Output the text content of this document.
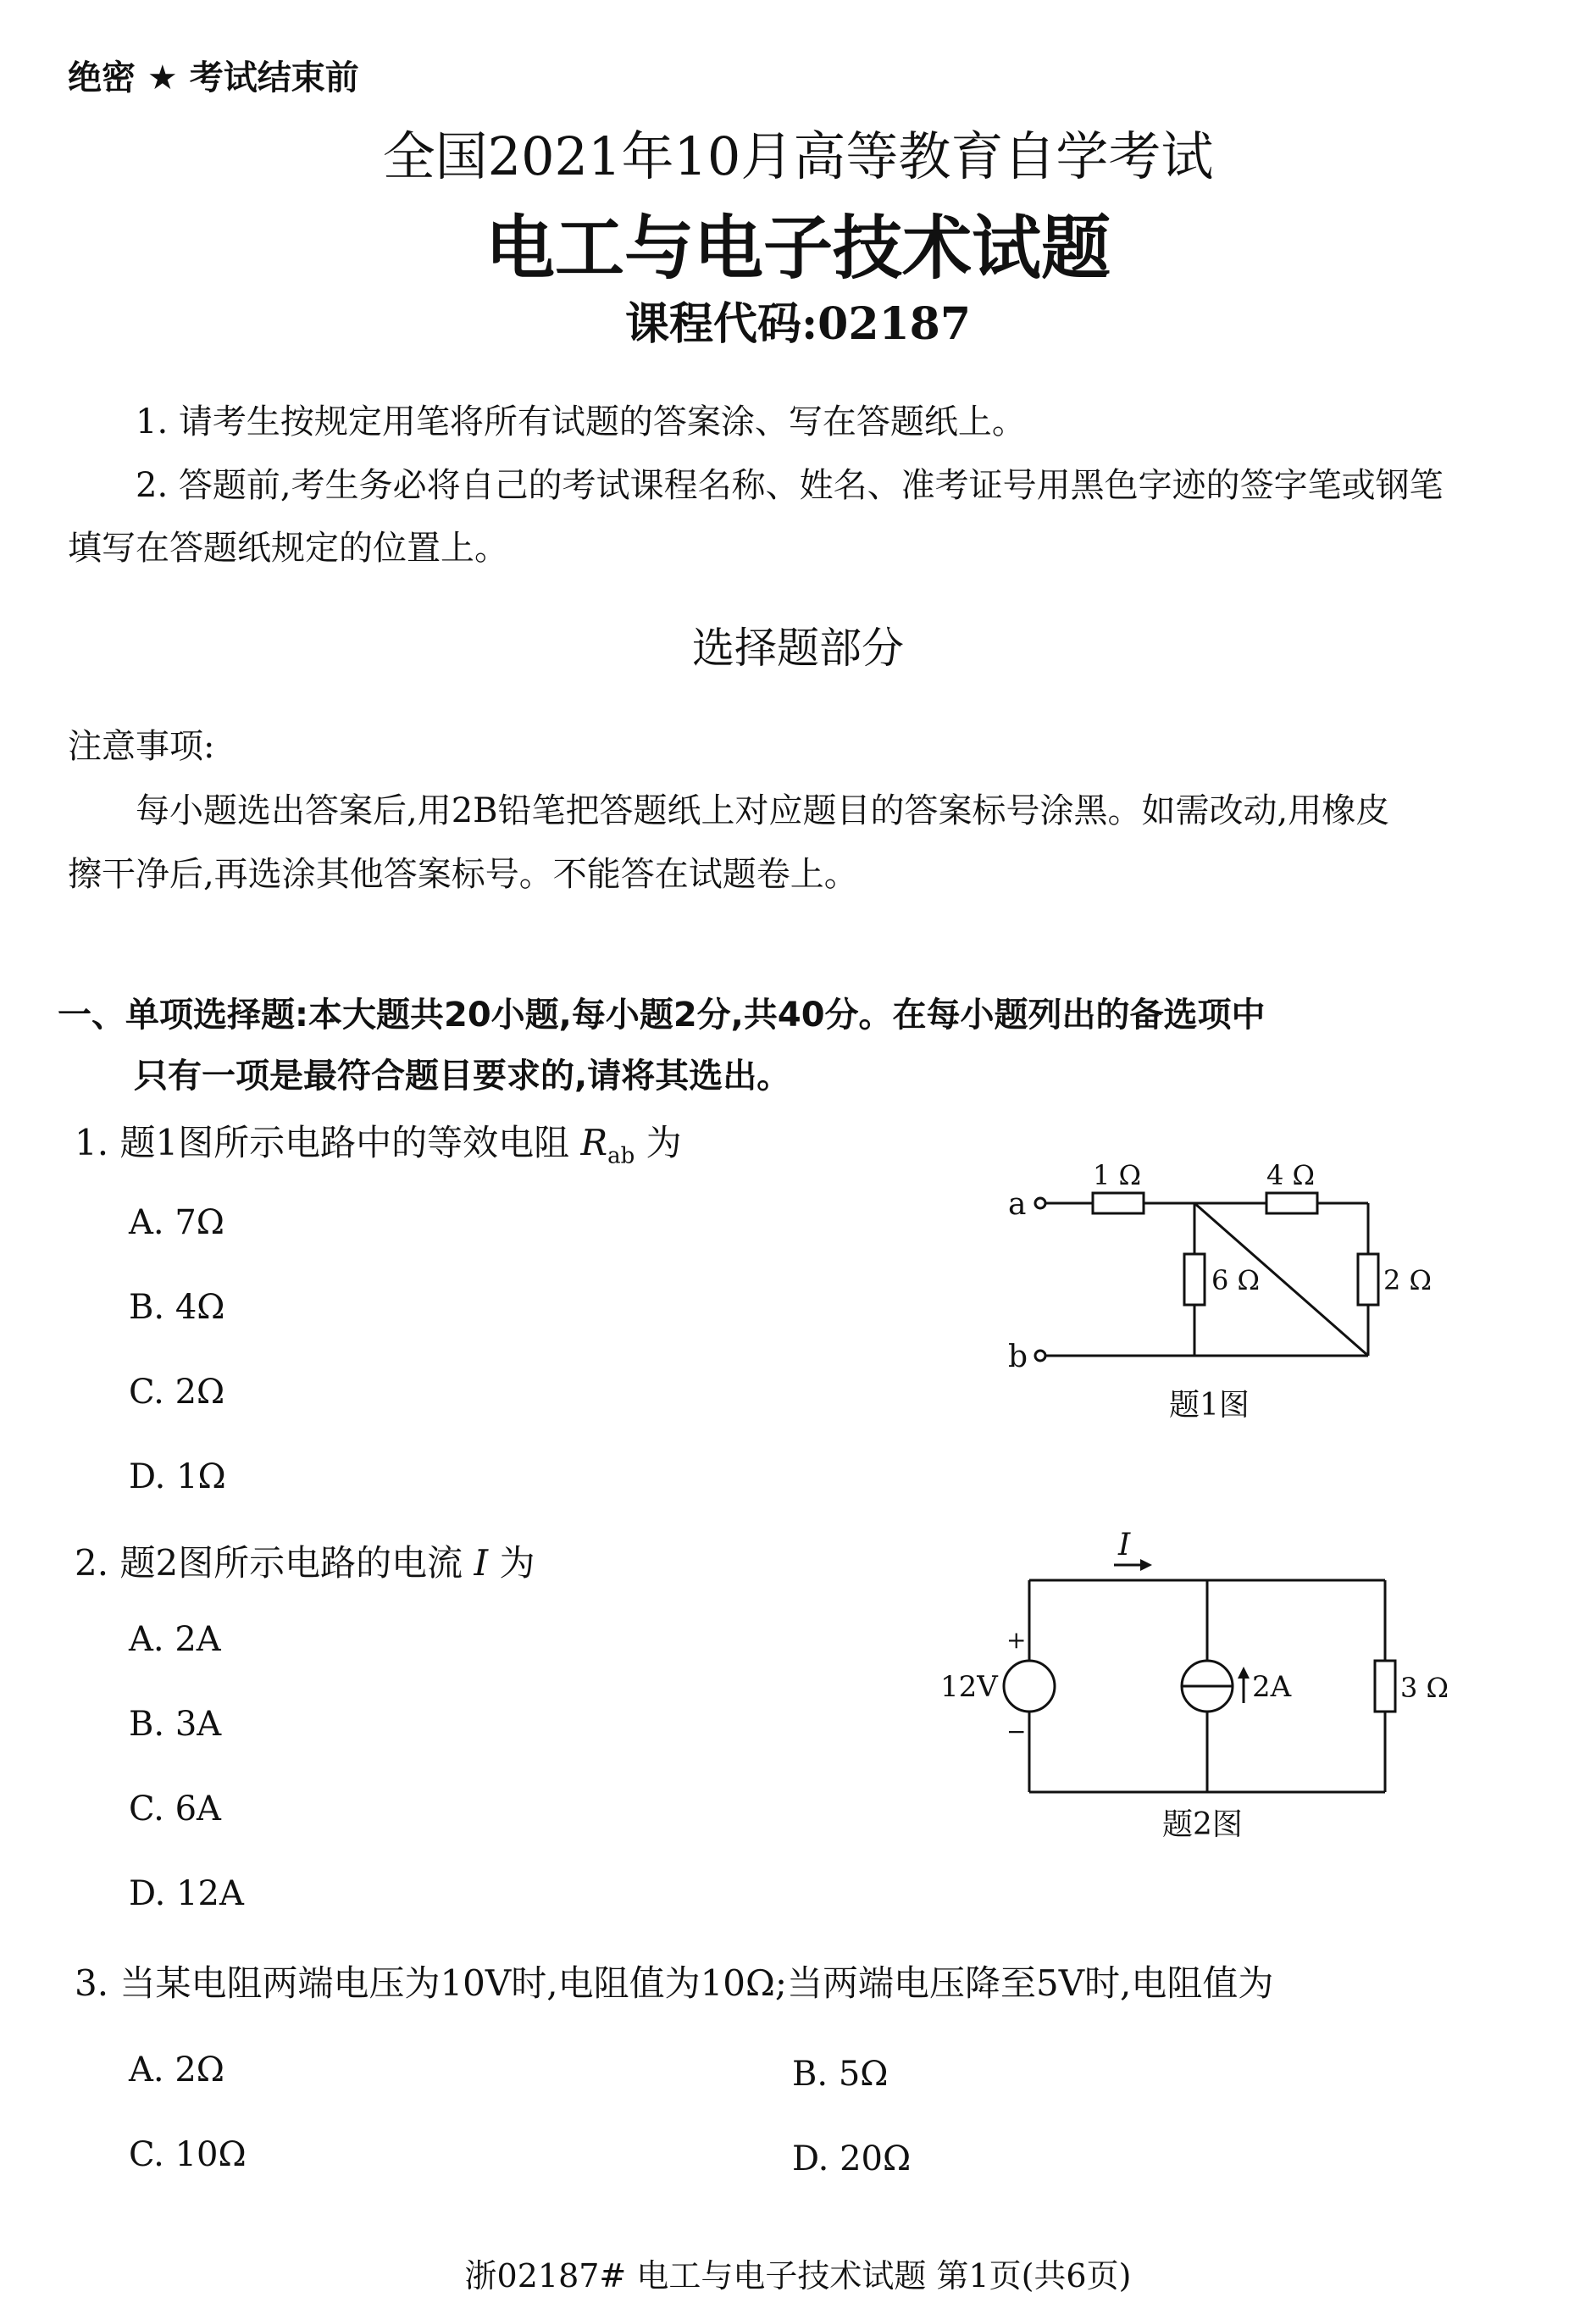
绝密 ★ 考试结束前
全国2021年10月高等教育自学考试
电工与电子技术试题
课程代码:02187
1. 请考生按规定用笔将所有试题的答案涂、写在答题纸上。
2. 答题前,考生务必将自己的考试课程名称、姓名、准考证号用黑色字迹的签字笔或钢笔
填写在答题纸规定的位置上。
选择题部分
注意事项:
每小题选出答案后,用2B铅笔把答题纸上对应题目的答案标号涂黑。如需改动,用橡皮
擦干净后,再选涂其他答案标号。不能答在试题卷上。
一、单项选择题:本大题共20小题,每小题2分,共40分。在每小题列出的备选项中
只有一项是最符合题目要求的,请将其选出。
1. 题1图所示电路中的等效电阻 $R_{ab}$ 为
A. 7Ω
B. 4Ω
C. 2Ω
D. 1Ω
a
b
1 Ω	4 Ω
6 Ω	2 Ω
题1图
2. 题2图所示电路的电流 I 为
A. 2A
B. 3A
C. 6A
D. 12A
I
12V
+
−
2A	3 Ω
题2图
3. 当某电阻两端电压为10V时,电阻值为10Ω;当两端电压降至5V时,电阻值为
A. 2Ω	B. 5Ω
C. 10Ω	D. 20Ω
浙02187# 电工与电子技术试题 第1页(共6页)
